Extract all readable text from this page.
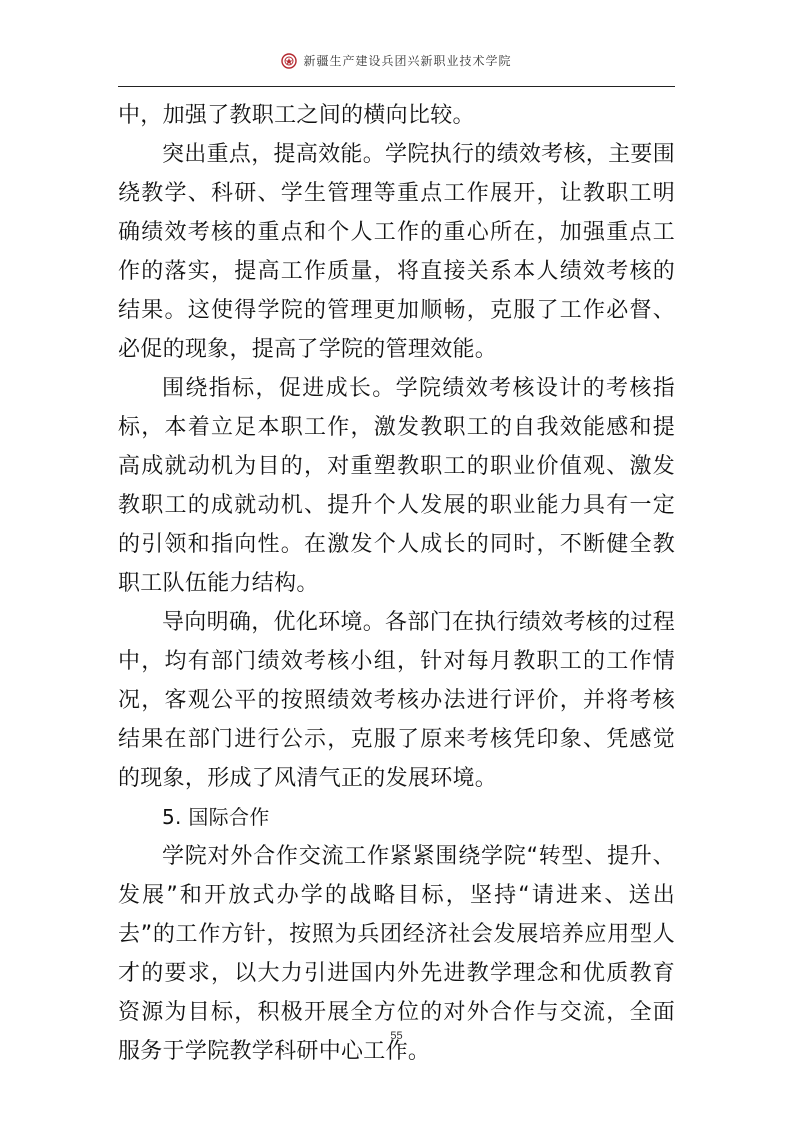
新疆生产建设兵团兴新职业技术学院

中，加强了教职工之间的横向比较。

突出重点，提高效能。学院执行的绩效考核，主要围绕教学、科研、学生管理等重点工作展开，让教职工明确绩效考核的重点和个人工作的重心所在，加强重点工作的落实，提高工作质量，将直接关系本人绩效考核的结果。这使得学院的管理更加顺畅，克服了工作必督、必促的现象，提高了学院的管理效能。

围绕指标，促进成长。学院绩效考核设计的考核指标，本着立足本职工作，激发教职工的自我效能感和提高成就动机为目的，对重塑教职工的职业价值观、激发教职工的成就动机、提升个人发展的职业能力具有一定的引领和指向性。在激发个人成长的同时，不断健全教职工队伍能力结构。

导向明确，优化环境。各部门在执行绩效考核的过程中，均有部门绩效考核小组，针对每月教职工的工作情况，客观公平的按照绩效考核办法进行评价，并将考核结果在部门进行公示，克服了原来考核凭印象、凭感觉的现象，形成了风清气正的发展环境。

5. 国际合作

学院对外合作交流工作紧紧围绕学院“转型、提升、发展”和开放式办学的战略目标，坚持“请进来、送出去”的工作方针，按照为兵团经济社会发展培养应用型人才的要求，以大力引进国内外先进教学理念和优质教育资源为目标，积极开展全方位的对外合作与交流，全面服务于学院教学科研中心工作。

55
